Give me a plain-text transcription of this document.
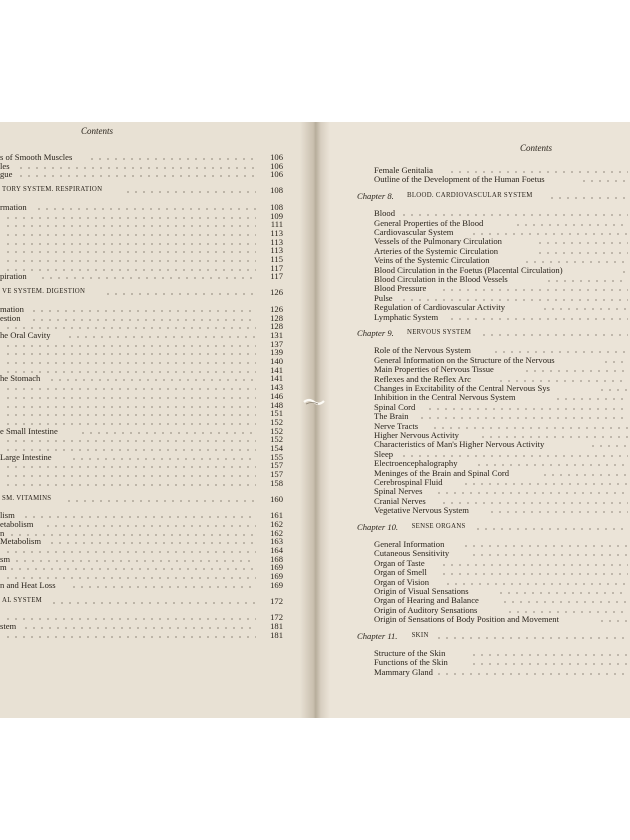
Contents
s of Smooth Muscles	106
les	106
gue	106
TORY SYSTEM. RESPIRATION	108
rmation	108
109
111
113
113
113
115
117
piration	117
VE SYSTEM. DIGESTION	126
mation	126
estion	128
128
he Oral Cavity	131
137
139
140
141
he Stomach	141
143
146
148
151
152
e Small Intestine	152
152
154
Large Intestine	155
157
157
158
SM. VITAMINS	160
lism	161
etabolism	162
n	162
Metabolism	163
164
sm	168
m	169
169
n and Heat Loss	169
AL SYSTEM	172
172
stem	181
181
Contents
Female Genitalia
Outline of the Development of the Human Foetus
Chapter 8. BLOOD. CARDIOVASCULAR SYSTEM
Blood
General Properties of the Blood
Cardiovascular System
Vessels of the Pulmonary Circulation
Arteries of the Systemic Circulation
Veins of the Systemic Circulation
Blood Circulation in the Foetus (Placental Circulation)
Blood Circulation in the Blood Vessels
Blood Pressure
Pulse
Regulation of Cardiovascular Activity
Lymphatic System
Chapter 9. NERVOUS SYSTEM
Role of the Nervous System
General Information on the Structure of the Nervous
Main Properties of Nervous Tissue
Reflexes and the Reflex Arc
Changes in Excitability of the Central Nervous Sys
Inhibition in the Central Nervous System
Spinal Cord
The Brain
Nerve Tracts
Higher Nervous Activity
Characteristics of Man's Higher Nervous Activity
Sleep
Electroencephalography
Meninges of the Brain and Spinal Cord
Cerebrospinal Fluid
Spinal Nerves
Cranial Nerves
Vegetative Nervous System
Chapter 10. SENSE ORGANS
General Information
Cutaneous Sensitivity
Organ of Taste
Organ of Smell
Organ of Vision
Origin of Visual Sensations
Organ of Hearing and Balance
Origin of Auditory Sensations
Origin of Sensations of Body Position and Movement
Chapter 11. SKIN
Structure of the Skin
Functions of the Skin
Mammary Gland
